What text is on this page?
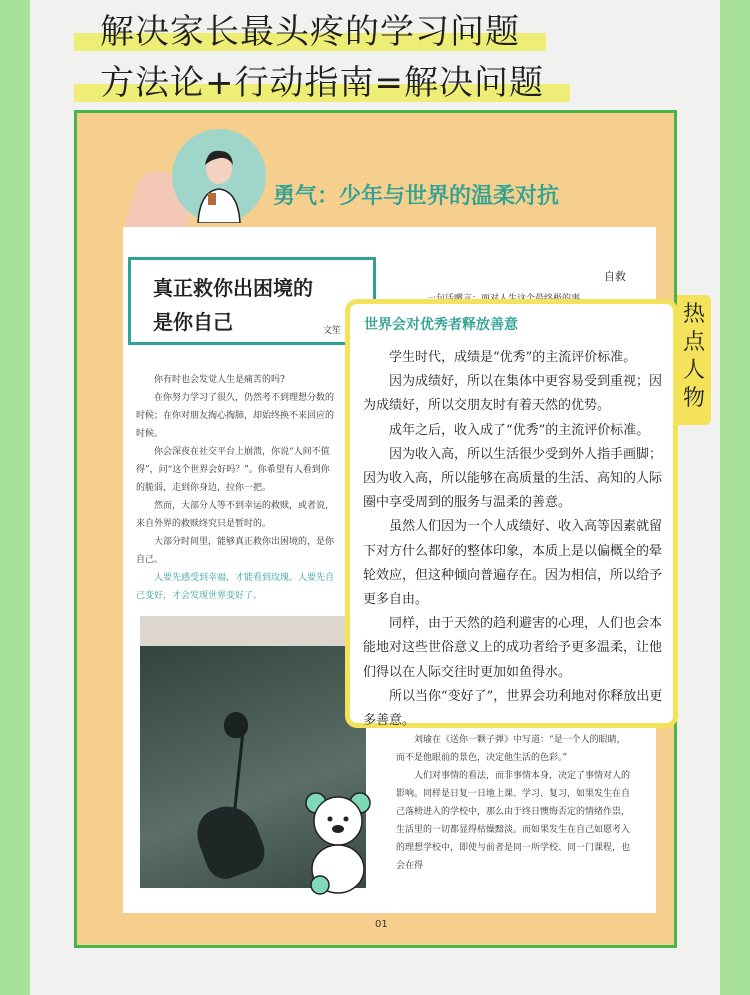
解决家长最头疼的学习问题
方法论+行动指南=解决问题
勇气：少年与世界的温柔对抗
真正救你出困境的
是你自己	文笙
自救

你有时也会发觉人生是痛苦的吗?

在你努力学习了很久，仍然考不到理想分数的时候；在你对朋友掏心掏肺，却始终换不来回应的时候。

你会深夜在社交平台上崩溃，你说“人间不值得”，问“这个世界会好吗？”。你希望有人看到你的脆弱，走到你身边，拉你一把。

然而，大部分人等不到幸运的救赎，或者说，来自外界的救赎终究只是暂时的。

大部分时间里，能够真正救你出困境的，是你自己。

人要先感受到幸福，才能看到玫瑰。人要先自己变好，才会发现世界变好了。

刘瑜在《送你一颗子弹》中写道：“是一个人的眼睛，而不是他眼前的景色，决定他生活的色彩。”

人们对事情的看法，而非事情本身，决定了事情对人的影响。同样是日复一日地上课、学习、复习，如果发生在自己落榜进入的学校中，那么由于终日懊悔否定的情绪作祟，生活里的一切都显得枯燥黯淡。而如果发生在自己如愿考入的理想学校中，即使与前者是同一所学校、同一门课程，也会在得

01
世界会对优秀者释放善意

学生时代，成绩是“优秀”的主流评价标准。

因为成绩好，所以在集体中更容易受到重视；因为成绩好，所以交朋友时有着天然的优势。

成年之后，收入成了“优秀”的主流评价标准。

因为收入高，所以生活很少受到外人指手画脚；因为收入高，所以能够在高质量的生活、高知的人际圈中享受周到的服务与温柔的善意。

虽然人们因为一个人成绩好、收入高等因素就留下对方什么都好的整体印象，本质上是以偏概全的晕轮效应，但这种倾向普遍存在。因为相信，所以给予更多自由。

同样，由于天然的趋利避害的心理，人们也会本能地对这些世俗意义上的成功者给予更多温柔，让他们得以在人际交往时更加如鱼得水。

所以当你“变好了”，世界会功利地对你释放出更多善意。

热点人物
